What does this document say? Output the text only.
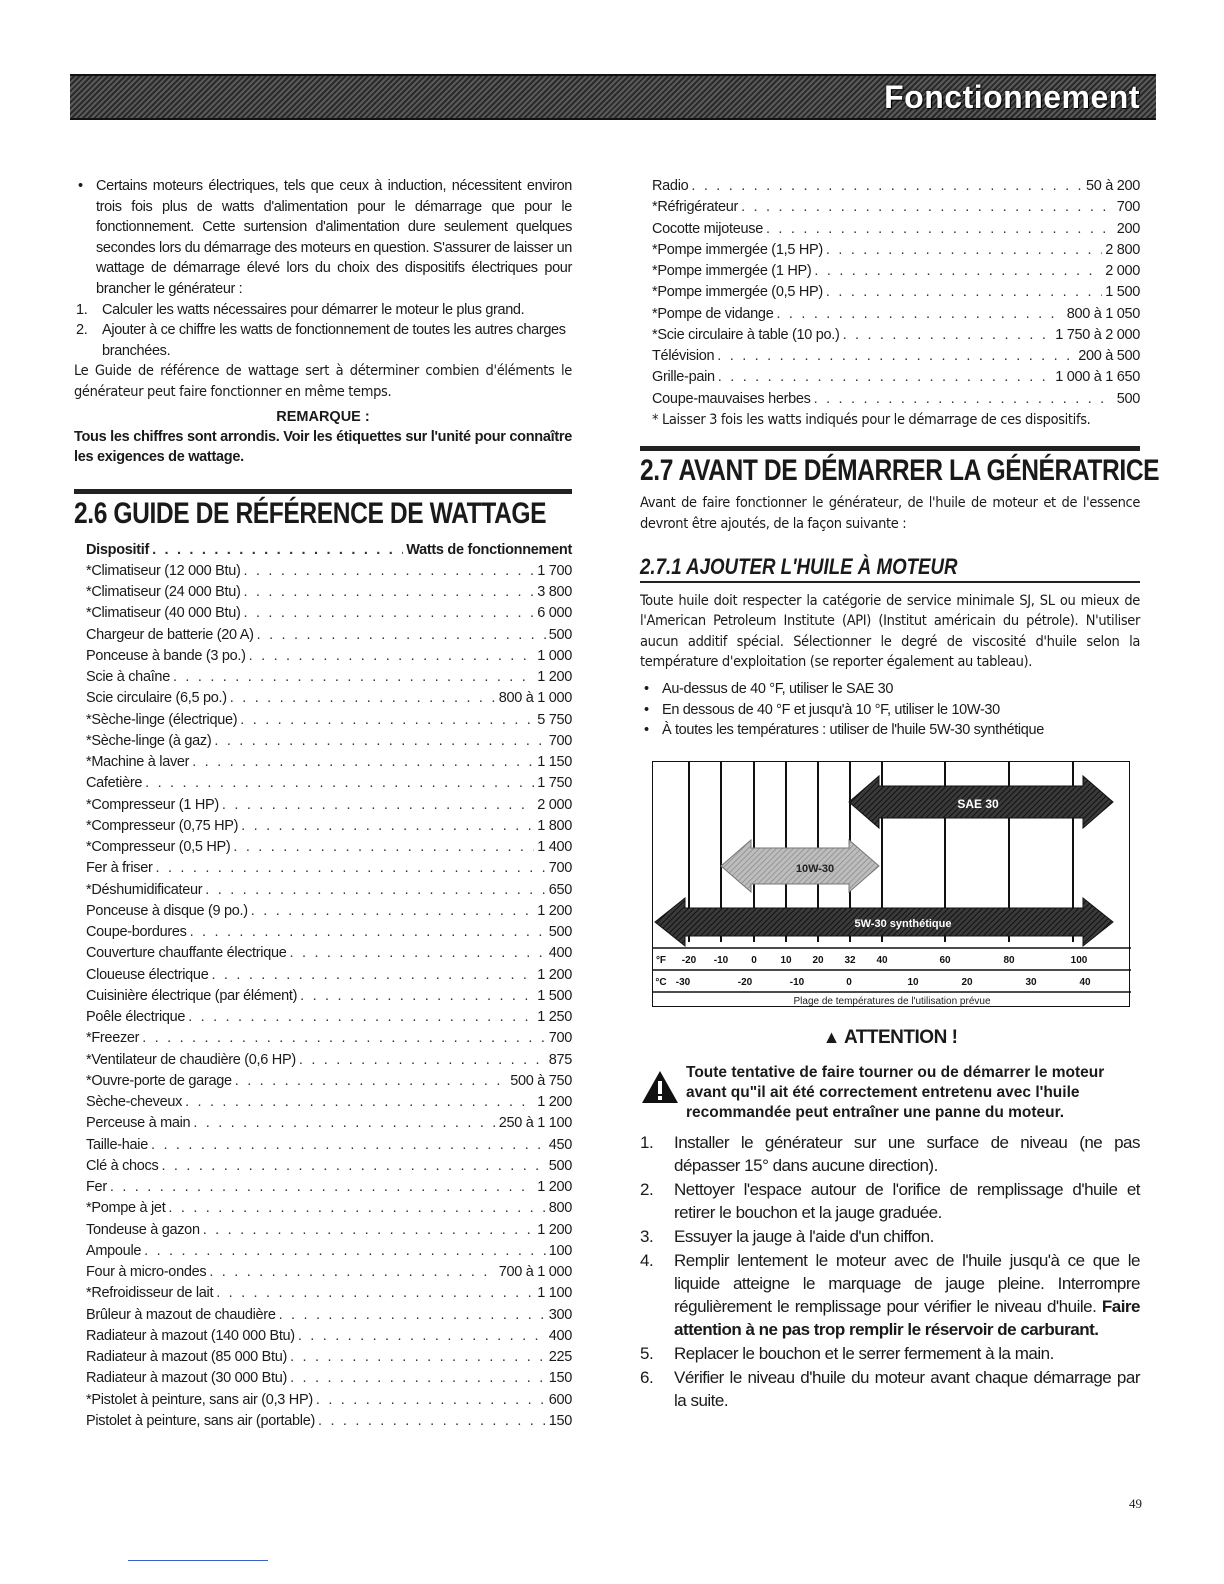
Fonctionnement
• Certains moteurs électriques, tels que ceux à induction, nécessitent environ trois fois plus de watts d'alimentation pour le démarrage que pour le fonctionnement. Cette surtension d'alimentation dure seulement quelques secondes lors du démarrage des moteurs en question. S'assurer de laisser un wattage de démarrage élevé lors du choix des dispositifs électriques pour brancher le générateur :
1. Calculer les watts nécessaires pour démarrer le moteur le plus grand.
2. Ajouter à ce chiffre les watts de fonctionnement de toutes les autres charges branchées.
Le Guide de référence de wattage sert à déterminer combien d'éléments le générateur peut faire fonctionner en même temps.
REMARQUE :
Tous les chiffres sont arrondis. Voir les étiquettes sur l'unité pour connaître les exigences de wattage.
2.6 GUIDE DE RÉFÉRENCE DE WATTAGE
Dispositif . . .	Watts de fonctionnement
*Climatiseur (12 000 Btu) . . .	1 700
*Climatiseur (24 000 Btu) . . .	3 800
*Climatiseur (40 000 Btu) . . .	6 000
Chargeur de batterie (20 A) . . .	500
Ponceuse à bande (3 po.) . . .	1 000
Scie à chaîne . . .	1 200
Scie circulaire (6,5 po.) . . .	800 à 1 000
*Sèche-linge (électrique) . . .	5 750
*Sèche-linge (à gaz) . . .	700
*Machine à laver . . .	1 150
Cafetière . . .	1 750
*Compresseur (1 HP) . . .	2 000
*Compresseur (0,75 HP) . . .	1 800
*Compresseur (0,5 HP) . . .	1 400
Fer à friser . . .	700
*Déshumidificateur . . .	650
Ponceuse à disque (9 po.) . . .	1 200
Coupe-bordures . . .	500
Couverture chauffante électrique . . .	400
Cloueuse électrique . . .	1 200
Cuisinière électrique (par élément) . . .	1 500
Poêle électrique . . .	1 250
*Freezer . . .	700
*Ventilateur de chaudière (0,6 HP) . . .	875
*Ouvre-porte de garage . . .	500 à 750
Sèche-cheveux . . .	1 200
Perceuse à main . . .	250 à 1 100
Taille-haie . . .	450
Clé à chocs . . .	500
Fer . . .	1 200
*Pompe à jet . . .	800
Tondeuse à gazon . . .	1 200
Ampoule . . .	100
Four à micro-ondes . . .	700 à 1 000
*Refroidisseur de lait . . .	1 100
Brûleur à mazout de chaudière . . .	300
Radiateur à mazout (140 000 Btu) . . .	400
Radiateur à mazout (85 000 Btu) . . .	225
Radiateur à mazout (30 000 Btu) . . .	150
*Pistolet à peinture, sans air (0,3 HP) . . .	600
Pistolet à peinture, sans air (portable) . . .	150
Radio . . .	50 à 200
*Réfrigérateur . . .	700
Cocotte mijoteuse . . .	200
*Pompe immergée (1,5 HP) . . .	2 800
*Pompe immergée (1 HP) . . .	2 000
*Pompe immergée (0,5 HP) . . .	1 500
*Pompe de vidange . . .	800 à 1 050
*Scie circulaire à table (10 po.) . . .	1 750 à 2 000
Télévision . . .	200 à 500
Grille-pain . . .	1 000 à 1 650
Coupe-mauvaises herbes . . .	500
* Laisser 3 fois les watts indiqués pour le démarrage de ces dispositifs.
2.7 AVANT DE DÉMARRER LA GÉNÉRATRICE
Avant de faire fonctionner le générateur, de l'huile de moteur et de l'essence devront être ajoutés, de la façon suivante :
2.7.1 AJOUTER L'HUILE À MOTEUR
Toute huile doit respecter la catégorie de service minimale SJ, SL ou mieux de l'American Petroleum Institute (API) (Institut américain du pétrole). N'utiliser aucun additif spécial. Sélectionner le degré de viscosité d'huile selon la température d'exploitation (se reporter également au tableau).
• Au-dessus de 40 °F, utiliser le SAE 30
• En dessous de 40 °F et jusqu'à 10 °F, utiliser le 10W-30
• À toutes les températures : utiliser de l'huile 5W-30 synthétique
SAE 30
10W-30
5W-30 synthétique
°F -20 -10 0 10 20 32 40	60	80	100
°C -30	-20	-10	0	10	20	30	40
Plage de températures de l'utilisation prévue
▲ ATTENTION !
Toute tentative de faire tourner ou de démarrer le moteur avant qu"il ait été correctement entretenu avec l'huile recommandée peut entraîner une panne du moteur.
1. Installer le générateur sur une surface de niveau (ne pas dépasser 15° dans aucune direction).
2. Nettoyer l'espace autour de l'orifice de remplissage d'huile et retirer le bouchon et la jauge graduée.
3. Essuyer la jauge à l'aide d'un chiffon.
4. Remplir lentement le moteur avec de l'huile jusqu'à ce que le liquide atteigne le marquage de jauge pleine. Interrompre régulièrement le remplissage pour vérifier le niveau d'huile. Faire attention à ne pas trop remplir le réservoir de carburant.
5. Replacer le bouchon et le serrer fermement à la main.
6. Vérifier le niveau d'huile du moteur avant chaque démarrage par la suite.
49
